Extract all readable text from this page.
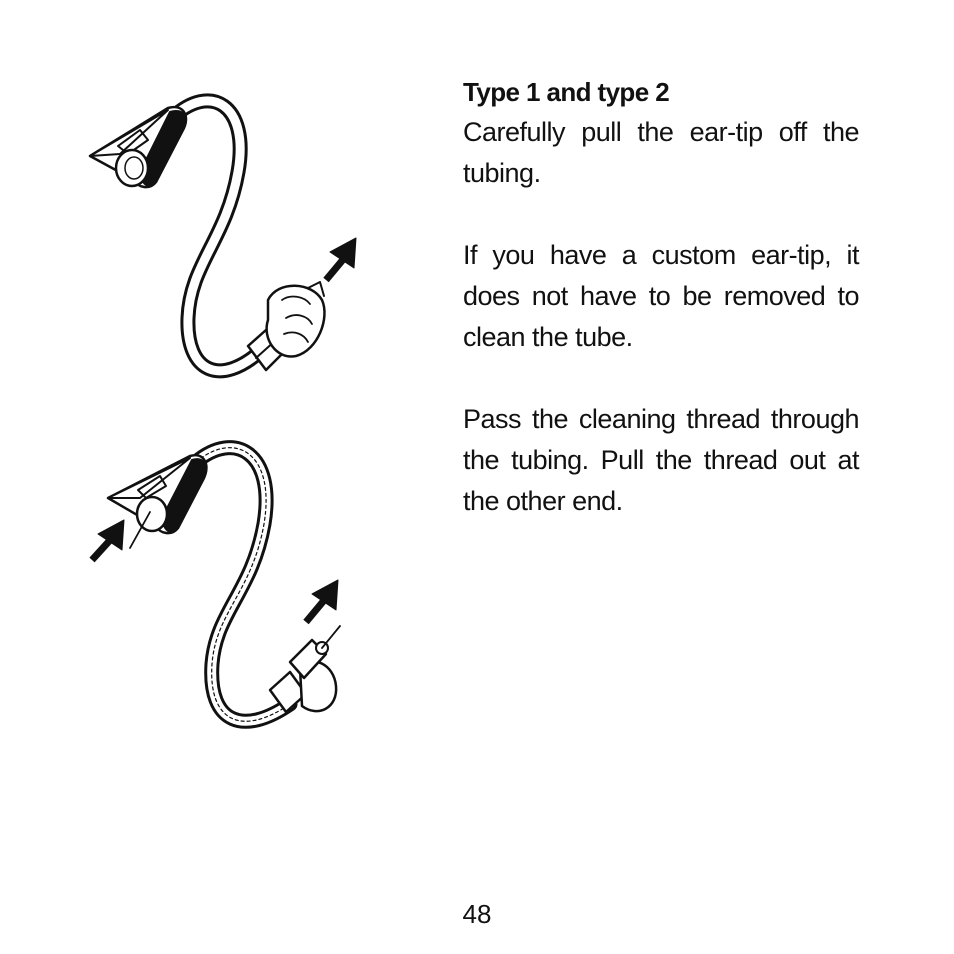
Type 1 and type 2

Carefully pull the ear-tip off the tubing.

If you have a custom ear-tip, it does not have to be removed to clean the tube.

Pass the cleaning thread through the tubing. Pull the thread out at the other end.

48
